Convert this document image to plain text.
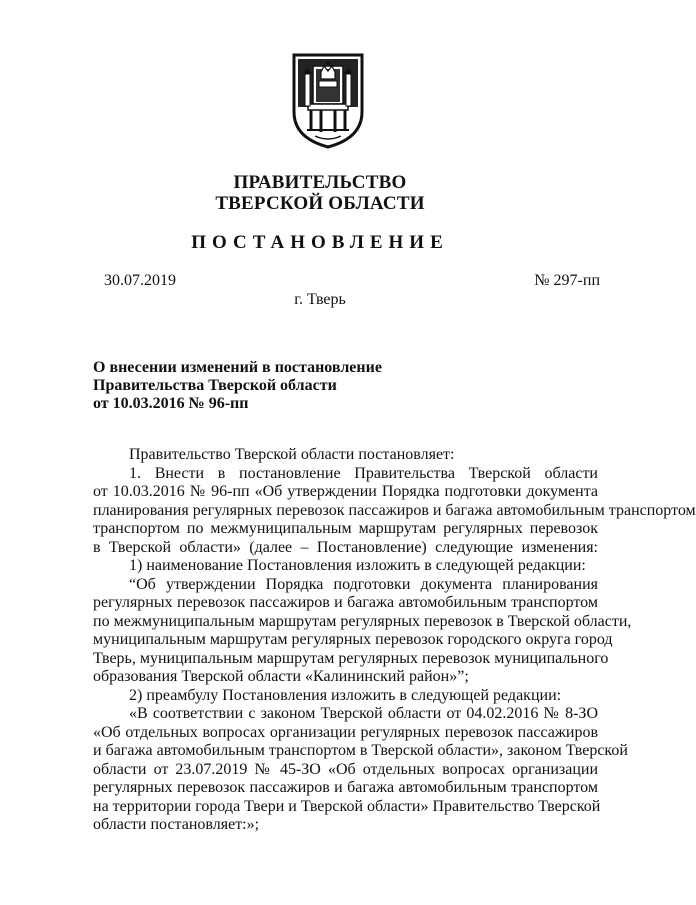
ПРАВИТЕЛЬСТВО
ТВЕРСКОЙ ОБЛАСТИ
ПОСТАНОВЛЕНИЕ
30.07.2019	№ 297-пп
г. Тверь
О внесении изменений в постановление
Правительства Тверской области
от 10.03.2016 № 96-пп
Правительство Тверской области постановляет:
1. Внести в постановление Правительства Тверской области
от 10.03.2016 № 96-пп «Об утверждении Порядка подготовки документа
планирования регулярных перевозок пассажиров и багажа автомобильным транспортом
транспортом по межмуниципальным маршрутам регулярных перевозок
в Тверской области» (далее – Постановление) следующие изменения:
1) наименование Постановления изложить в следующей редакции:
“Об утверждении Порядка подготовки документа планирования
регулярных перевозок пассажиров и багажа автомобильным транспортом
по межмуниципальным маршрутам регулярных перевозок в Тверской области,
муниципальным маршрутам регулярных перевозок городского округа город
Тверь, муниципальным маршрутам регулярных перевозок муниципального
образования Тверской области «Калининский район»”;
2) преамбулу Постановления изложить в следующей редакции:
«В соответствии с законом Тверской области от 04.02.2016 № 8-ЗО
«Об отдельных вопросах организации регулярных перевозок пассажиров
и багажа автомобильным транспортом в Тверской области», законом Тверской
области от 23.07.2019 № 45-ЗО «Об отдельных вопросах организации
регулярных перевозок пассажиров и багажа автомобильным транспортом
на территории города Твери и Тверской области» Правительство Тверской
области постановляет:»;
